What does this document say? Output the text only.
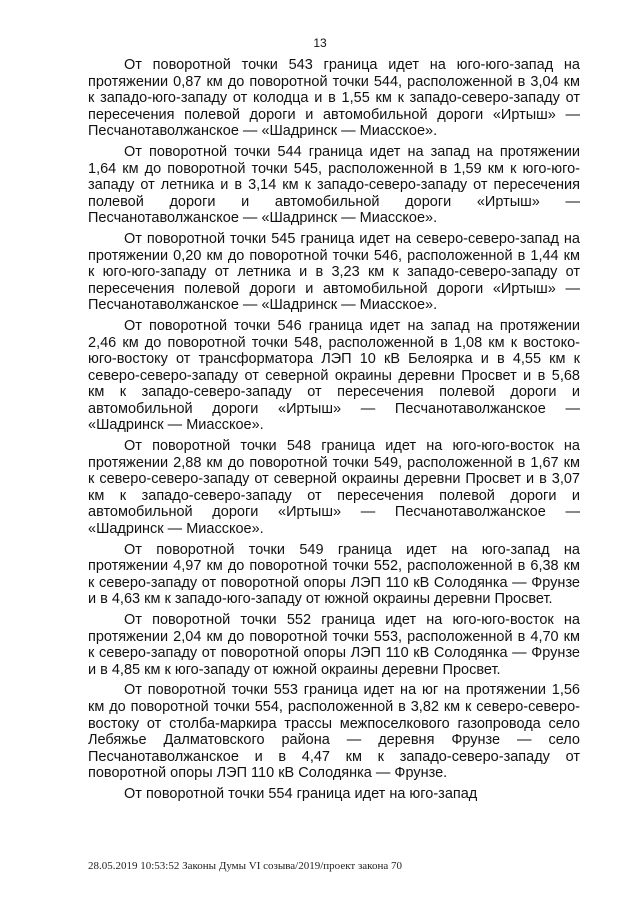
13

От поворотной точки 543 граница идет на юго-юго-запад на протяжении 0,87 км до поворотной точки 544, расположенной в 3,04 км к западо-юго-западу от колодца и в 1,55 км к западо-северо-западу от пересечения полевой дороги и автомобильной дороги «Иртыш» — Песчанотаволжанское — «Шадринск — Миасское».

От поворотной точки 544 граница идет на запад на протяжении 1,64 км до поворотной точки 545, расположенной в 1,59 км к юго-юго-западу от летника и в 3,14 км к западо-северо-западу от пересечения полевой дороги и автомобильной дороги «Иртыш» — Песчанотаволжанское — «Шадринск — Миасское».

От поворотной точки 545 граница идет на северо-северо-запад на протяжении 0,20 км до поворотной точки 546, расположенной в 1,44 км к юго-юго-западу от летника и в 3,23 км к западо-северо-западу от пересечения полевой дороги и автомобильной дороги «Иртыш» — Песчанотаволжанское — «Шадринск — Миасское».

От поворотной точки 546 граница идет на запад на протяжении 2,46 км до поворотной точки 548, расположенной в 1,08 км к востоко-юго-востоку от трансформатора ЛЭП 10 кВ Белоярка и в 4,55 км к северо-северо-западу от северной окраины деревни Просвет и в 5,68 км к западо-северо-западу от пересечения полевой дороги и автомобильной дороги «Иртыш» — Песчанотаволжанское — «Шадринск — Миасское».

От поворотной точки 548 граница идет на юго-юго-восток на протяжении 2,88 км до поворотной точки 549, расположенной в 1,67 км к северо-северо-западу от северной окраины деревни Просвет и в 3,07 км к западо-северо-западу от пересечения полевой дороги и автомобильной дороги «Иртыш» — Песчанотаволжанское — «Шадринск — Миасское».

От поворотной точки 549 граница идет на юго-запад на протяжении 4,97 км до поворотной точки 552, расположенной в 6,38 км к северо-западу от поворотной опоры ЛЭП 110 кВ Солодянка — Фрунзе и в 4,63 км к западо-юго-западу от южной окраины деревни Просвет.

От поворотной точки 552 граница идет на юго-юго-восток на протяжении 2,04 км до поворотной точки 553, расположенной в 4,70 км к северо-западу от поворотной опоры ЛЭП 110 кВ Солодянка — Фрунзе и в 4,85 км к юго-западу от южной окраины деревни Просвет.

От поворотной точки 553 граница идет на юг на протяжении 1,56 км до поворотной точки 554, расположенной в 3,82 км к северо-северо-востоку от столба-маркира трассы межпоселкового газопровода село Лебяжье Далматовского района — деревня Фрунзе — село Песчанотаволжанское и в 4,47 км к западо-северо-западу от поворотной опоры ЛЭП 110 кВ Солодянка — Фрунзе.

От поворотной точки 554 граница идет на юго-запад

28.05.2019 10:53:52 Законы Думы VI созыва/2019/проект закона 70
